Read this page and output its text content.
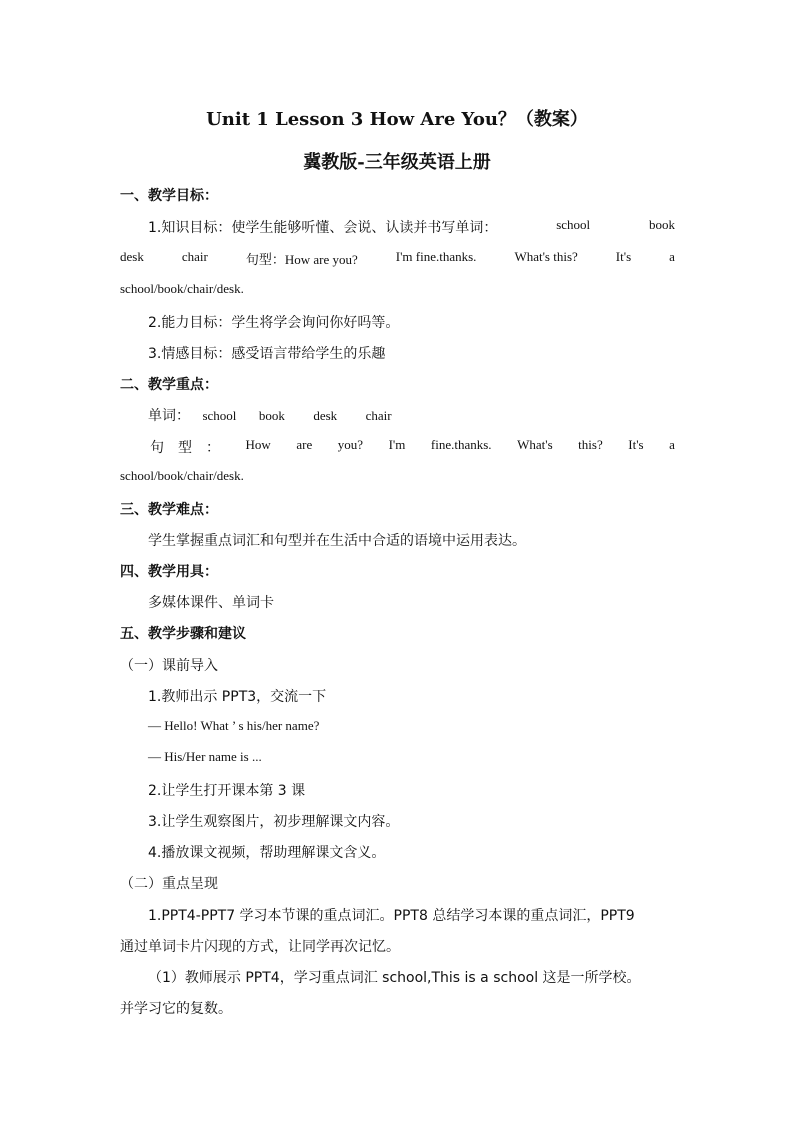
Unit 1 Lesson 3 How Are You？（教案）
冀教版-三年级英语上册
一、教学目标：
1.知识目标：使学生能够听懂、会说、认读并书写单词：	school	book
desk	chair	句型：How are you?	I'm fine.thanks.	What's this?	It's	a
school/book/chair/desk.
2.能力目标：学生将学会询问你好吗等。
3.情感目标：感受语言带给学生的乐趣
二、教学重点：
单词： school book desk chair
句　型　： How are you? I'm fine.thanks. What's this? It's a
school/book/chair/desk.
三、教学难点：
学生掌握重点词汇和句型并在生活中合适的语境中运用表达。
四、教学用具：
多媒体课件、单词卡
五、教学步骤和建议
（一）课前导入
1.教师出示 PPT3，交流一下
— Hello! What ’ s his/her name?
— His/Her name is ...
2.让学生打开课本第 3 课
3.让学生观察图片，初步理解课文内容。
4.播放课文视频，帮助理解课文含义。
（二）重点呈现
1.PPT4-PPT7 学习本节课的重点词汇。PPT8 总结学习本课的重点词汇，PPT9
通过单词卡片闪现的方式，让同学再次记忆。
（1）教师展示 PPT4，学习重点词汇 school,This is a school 这是一所学校。
并学习它的复数。
